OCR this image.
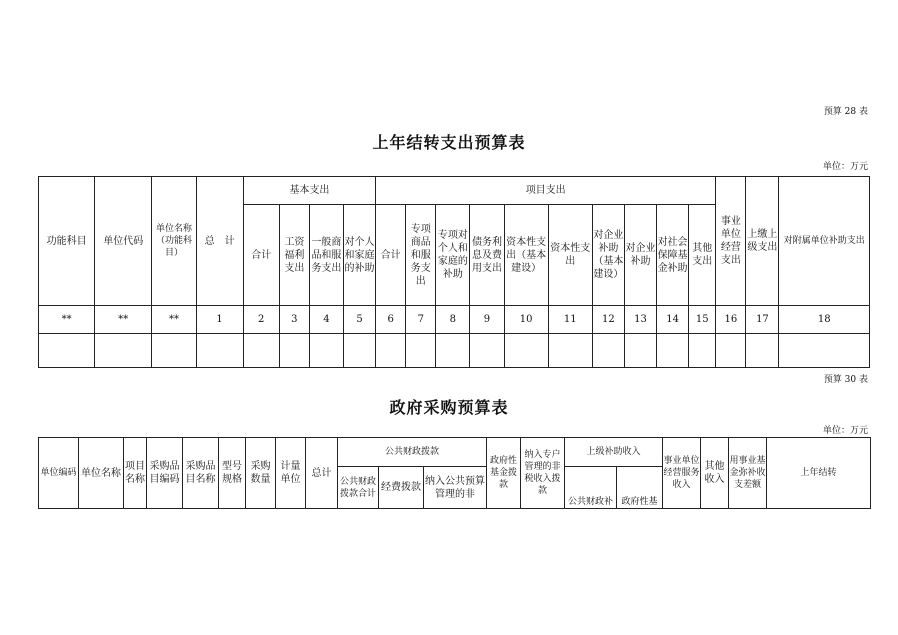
预算 28 表
上年结转支出预算表
单位：万元
功能科目	单位代码	单位名称（功能科目）	总　计	基本支出				项目支出										事业单位经营支出	上缴上级支出	对附属单位补助支出
				合计	工资福利支出	一般商品和服务支出	对个人和家庭的补助	合计	专项商品和服务支出	专项对个人和家庭的补助	债务利息及费用支出	资本性支出（基本建设）	资本性支出	对企业补助（基本建设）	对企业补助	对社会保障基金补助	其他支出			
**	**	**	1	2	3	4	5	6	7	8	9	10	11	12	13	14	15	16	17	18

预算 30 表
政府采购预算表
单位：万元
单位编码	单位名称	项目名称	采购品目编码	采购品目名称	型号规格	采购数量	计量单位	总计	公共财政拨款			政府性基金拨款	纳入专户管理的非税收入拨款	上级补助收入		事业单位经营服务收入	其他收入	用事业基金弥补收支差额	上年结转
									公共财政拨款合计	经费拨款	纳入公共预算管理的非			公共财政补	政府性基				
